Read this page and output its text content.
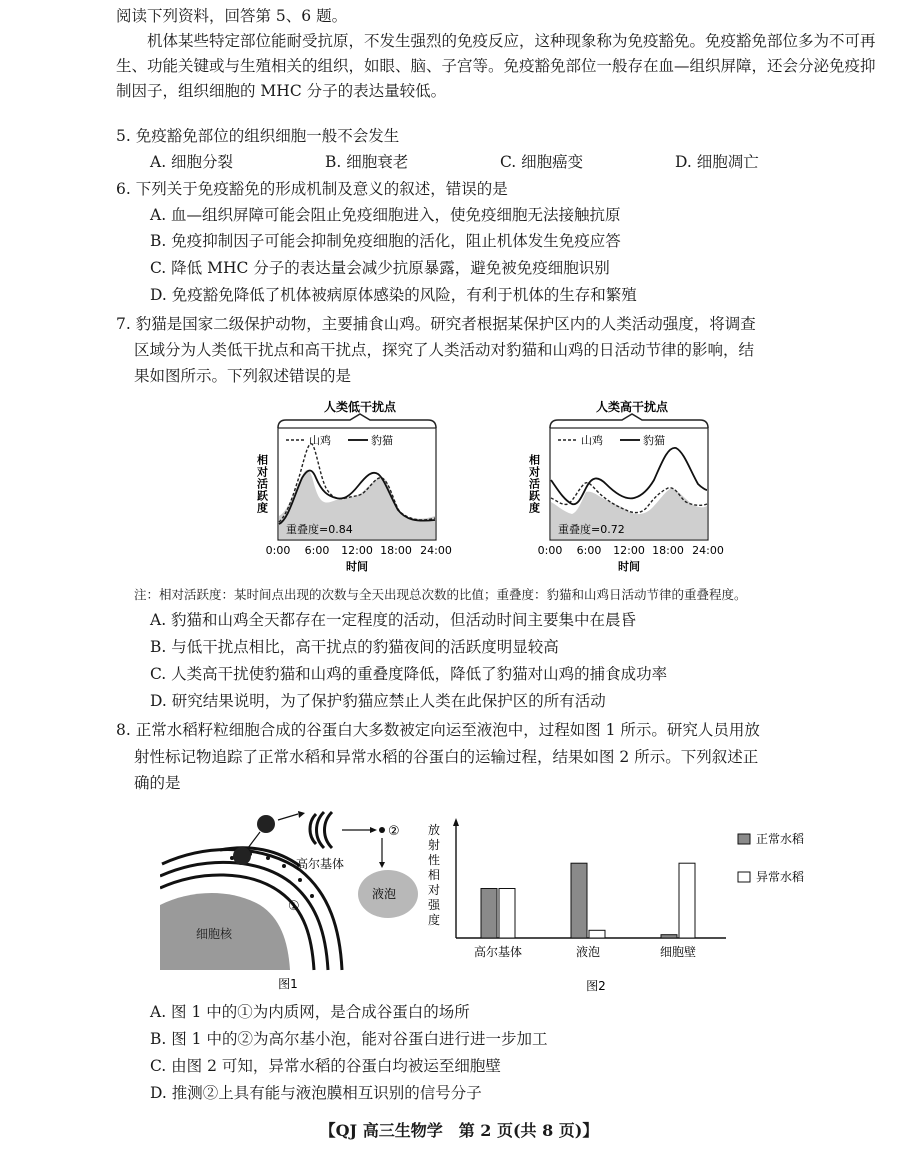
阅读下列资料，回答第 5、6 题。
机体某些特定部位能耐受抗原，不发生强烈的免疫反应，这种现象称为免疫豁免。免疫豁免部位多为不可再生、功能关键或与生殖相关的组织，如眼、脑、子宫等。免疫豁免部位一般存在血—组织屏障，还会分泌免疫抑制因子，组织细胞的 MHC 分子的表达量较低。
5. 免疫豁免部位的组织细胞一般不会发生
A. 细胞分裂	B. 细胞衰老	C. 细胞癌变	D. 细胞凋亡
6. 下列关于免疫豁免的形成机制及意义的叙述，错误的是
A. 血—组织屏障可能会阻止免疫细胞进入，使免疫细胞无法接触抗原
B. 免疫抑制因子可能会抑制免疫细胞的活化，阻止机体发生免疫应答
C. 降低 MHC 分子的表达量会减少抗原暴露，避免被免疫细胞识别
D. 免疫豁免降低了机体被病原体感染的风险，有利于机体的生存和繁殖
7. 豹猫是国家二级保护动物，主要捕食山鸡。研究者根据某保护区内的人类活动强度，将调查
区域分为人类低干扰点和高干扰点，探究了人类活动对豹猫和山鸡的日活动节律的影响，结
果如图所示。下列叙述错误的是
人类低干扰点
山鸡	豹猫
重叠度=0.84
相对活跃度
0:00 6:00 12:00 18:00 24:00
时间
人类高干扰点
山鸡	豹猫
重叠度=0.72
相对活跃度
0:00 6:00 12:00 18:00 24:00
时间
注：相对活跃度：某时间点出现的次数与全天出现总次数的比值；重叠度：豹猫和山鸡日活动节律的重叠程度。
A. 豹猫和山鸡全天都存在一定程度的活动，但活动时间主要集中在晨昏
B. 与低干扰点相比，高干扰点的豹猫夜间的活跃度明显较高
C. 人类高干扰使豹猫和山鸡的重叠度降低，降低了豹猫对山鸡的捕食成功率
D. 研究结果说明，为了保护豹猫应禁止人类在此保护区的所有活动
8. 正常水稻籽粒细胞合成的谷蛋白大多数被定向运至液泡中，过程如图 1 所示。研究人员用放
射性标记物追踪了正常水稻和异常水稻的谷蛋白的运输过程，结果如图 2 所示。下列叙述正
确的是
细胞核
高尔基体
②
液泡
①
图1
放射性相对强度
高尔基体	液泡	细胞壁
正常水稻
异常水稻
图2
A. 图 1 中的①为内质网，是合成谷蛋白的场所
B. 图 1 中的②为高尔基小泡，能对谷蛋白进行进一步加工
C. 由图 2 可知，异常水稻的谷蛋白均被运至细胞壁
D. 推测②上具有能与液泡膜相互识别的信号分子
【QJ 高三生物学　第 2 页(共 8 页)】
